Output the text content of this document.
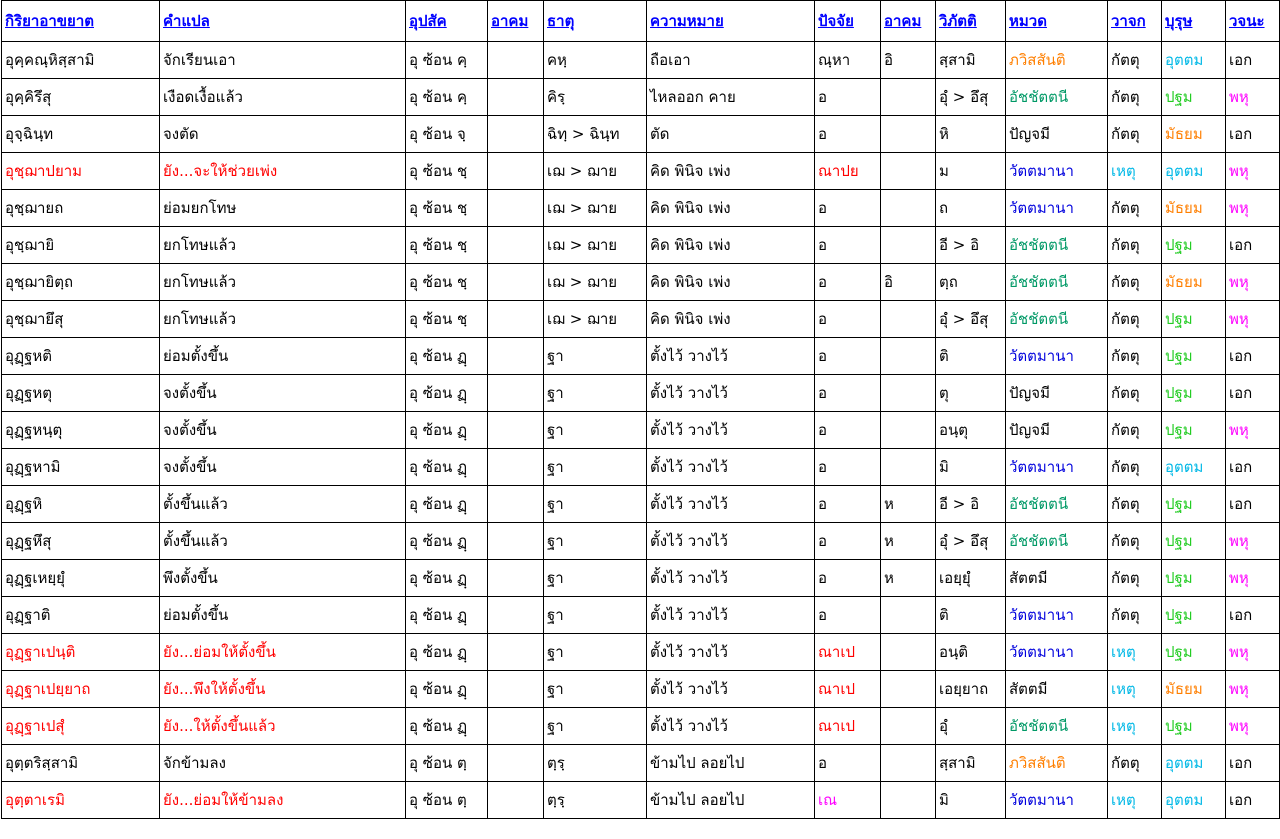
กิริยาอาขยาต	คำแปล	อุปสัค	อาคม	ธาตุ	ความหมาย	ปัจจัย	อาคม	วิภัตติ	หมวด	วาจก	บุรุษ	วจนะ
อุคฺคณฺหิสฺสามิ	จักเรียนเอา	อุ ซ้อน คฺ		คหฺ	ถือเอา	ณฺหา	อิ	สฺสามิ	ภวิสสันติ	กัตตุ	อุตตม	เอก
อุคฺคิรึสุ	เงือดเงื้อแล้ว	อุ ซ้อน คฺ		คิรฺ	ไหลออก คาย	อ		อุํ > อึสุ	อัชชัตตนี	กัตตุ	ปฐม	พหุ
อุจฺฉินฺท	จงตัด	อุ ซ้อน จฺ		ฉิทฺ > ฉินฺท	ตัด	อ		หิ	ปัญจมี	กัตตุ	มัธยม	เอก
อุชฺฌาปยาม	ยัง...จะให้ช่วยเพ่ง	อุ ซ้อน ชฺ		เฌ > ฌาย	คิด พินิจ เพ่ง	ณาปย		ม	วัตตมานา	เหตุ	อุตตม	พหุ
อุชฺฌายถ	ย่อมยกโทษ	อุ ซ้อน ชฺ		เฌ > ฌาย	คิด พินิจ เพ่ง	อ		ถ	วัตตมานา	กัตตุ	มัธยม	พหุ
อุชฺฌายิ	ยกโทษแล้ว	อุ ซ้อน ชฺ		เฌ > ฌาย	คิด พินิจ เพ่ง	อ		อี > อิ	อัชชัตตนี	กัตตุ	ปฐม	เอก
อุชฺฌายิตฺถ	ยกโทษแล้ว	อุ ซ้อน ชฺ		เฌ > ฌาย	คิด พินิจ เพ่ง	อ	อิ	ตฺถ	อัชชัตตนี	กัตตุ	มัธยม	พหุ
อุชฺฌายึสุ	ยกโทษแล้ว	อุ ซ้อน ชฺ		เฌ > ฌาย	คิด พินิจ เพ่ง	อ		อุํ > อึสุ	อัชชัตตนี	กัตตุ	ปฐม	พหุ
อุฏฺฐหติ	ย่อมตั้งขึ้น	อุ ซ้อน ฏฺ		ฐา	ตั้งไว้ วางไว้	อ		ติ	วัตตมานา	กัตตุ	ปฐม	เอก
อุฏฺฐหตุ	จงตั้งขึ้น	อุ ซ้อน ฏฺ		ฐา	ตั้งไว้ วางไว้	อ		ตุ	ปัญจมี	กัตตุ	ปฐม	เอก
อุฏฺฐหนฺตุ	จงตั้งขึ้น	อุ ซ้อน ฏฺ		ฐา	ตั้งไว้ วางไว้	อ		อนฺตุ	ปัญจมี	กัตตุ	ปฐม	พหุ
อุฏฺฐหามิ	จงตั้งขึ้น	อุ ซ้อน ฏฺ		ฐา	ตั้งไว้ วางไว้	อ		มิ	วัตตมานา	กัตตุ	อุตตม	เอก
อุฏฺฐหิ	ตั้งขึ้นแล้ว	อุ ซ้อน ฏฺ		ฐา	ตั้งไว้ วางไว้	อ	ห	อี > อิ	อัชชัตตนี	กัตตุ	ปฐม	เอก
อุฏฺฐหึสุ	ตั้งขึ้นแล้ว	อุ ซ้อน ฏฺ		ฐา	ตั้งไว้ วางไว้	อ	ห	อุํ > อึสุ	อัชชัตตนี	กัตตุ	ปฐม	พหุ
อุฏฺฐเหยฺยุํ	พึงตั้งขึ้น	อุ ซ้อน ฏฺ		ฐา	ตั้งไว้ วางไว้	อ	ห	เอยฺยุํ	สัตตมี	กัตตุ	ปฐม	พหุ
อุฏฺฐาติ	ย่อมตั้งขึ้น	อุ ซ้อน ฏฺ		ฐา	ตั้งไว้ วางไว้	อ		ติ	วัตตมานา	กัตตุ	ปฐม	เอก
อุฏฺฐาเปนฺติ	ยัง...ย่อมให้ตั้งขึ้น	อุ ซ้อน ฏฺ		ฐา	ตั้งไว้ วางไว้	ณาเป		อนฺติ	วัตตมานา	เหตุ	ปฐม	พหุ
อุฏฺฐาเปยฺยาถ	ยัง...พึงให้ตั้งขึ้น	อุ ซ้อน ฏฺ		ฐา	ตั้งไว้ วางไว้	ณาเป		เอยฺยาถ	สัตตมี	เหตุ	มัธยม	พหุ
อุฏฺฐาเปสุํ	ยัง...ให้ตั้งขึ้นแล้ว	อุ ซ้อน ฏฺ		ฐา	ตั้งไว้ วางไว้	ณาเป		อุํ	อัชชัตตนี	เหตุ	ปฐม	พหุ
อุตฺตริสฺสามิ	จักข้ามลง	อุ ซ้อน ตฺ		ตฺรฺ	ข้ามไป ลอยไป	อ		สฺสามิ	ภวิสสันติ	กัตตุ	อุตตม	เอก
อุตฺตาเรมิ	ยัง...ย่อมให้ข้ามลง	อุ ซ้อน ตฺ		ตฺรฺ	ข้ามไป ลอยไป	เณ		มิ	วัตตมานา	เหตุ	อุตตม	เอก
